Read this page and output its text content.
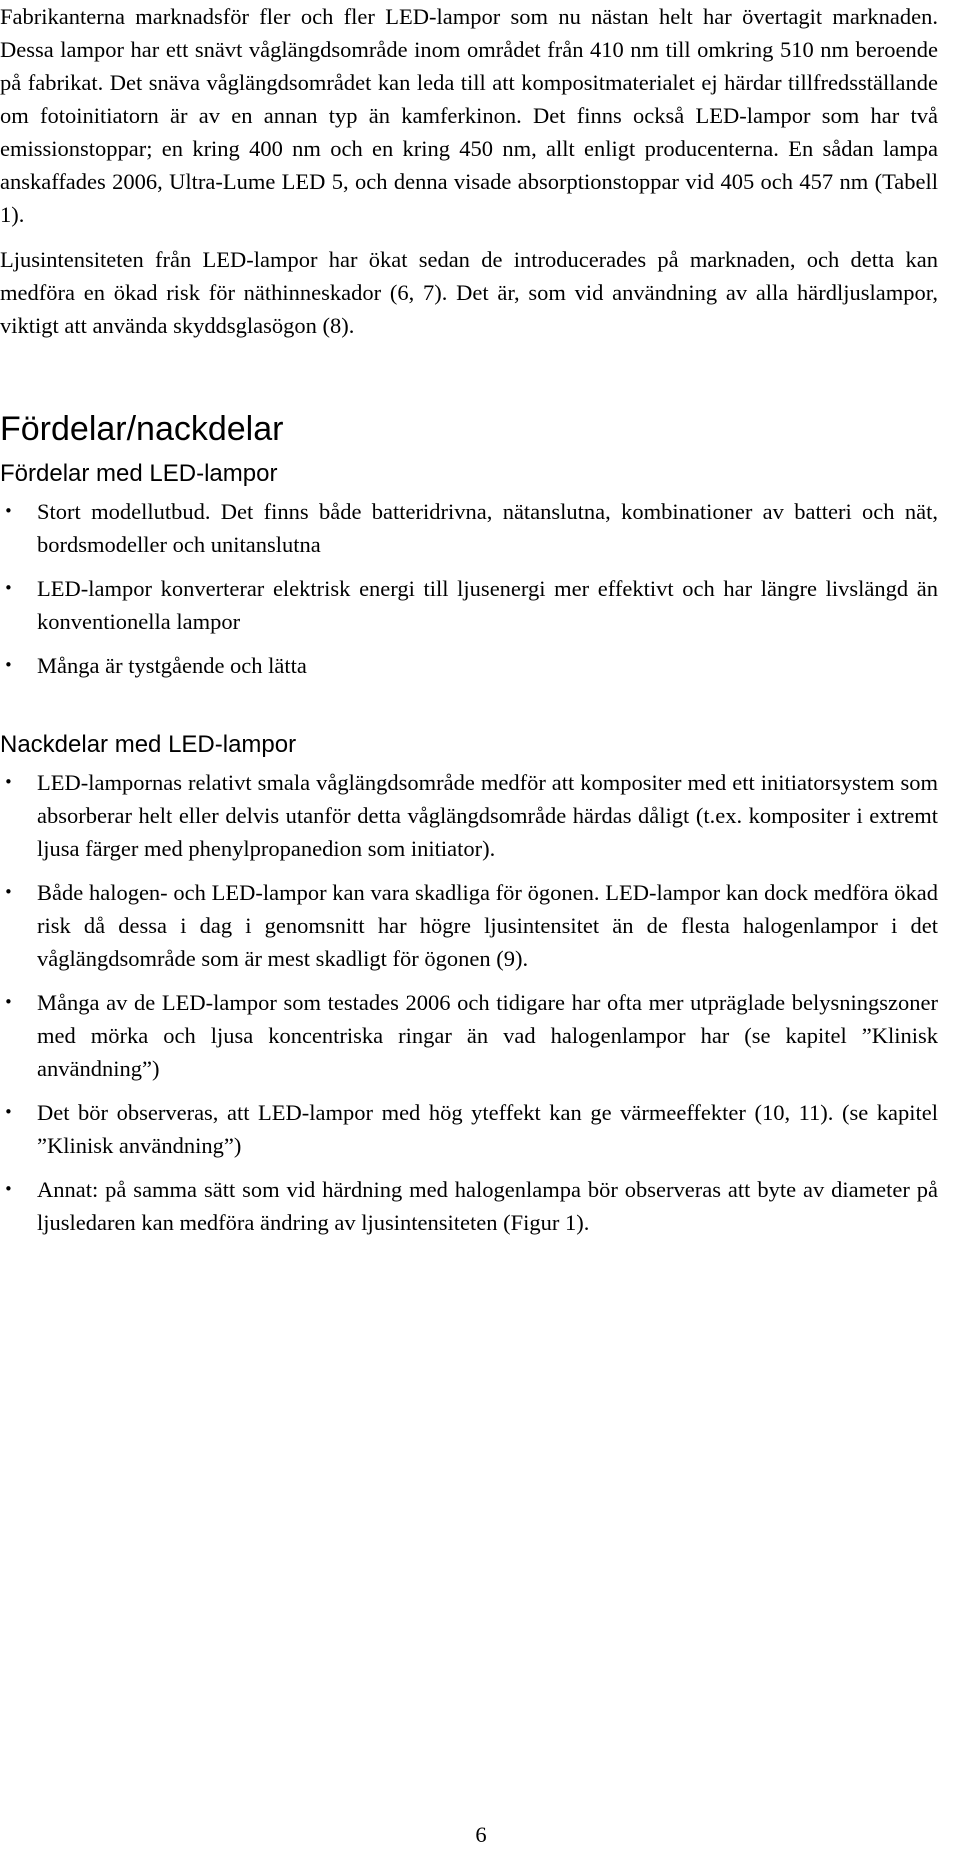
Fabrikanterna marknadsför fler och fler LED-lampor som nu nästan helt har övertagit marknaden. Dessa lampor har ett snävt våglängdsområde inom området från 410 nm till omkring 510 nm beroende på fabrikat. Det snäva våglängdsområdet kan leda till att kompositmaterialet ej härdar tillfredsställande om fotoinitiatorn är av en annan typ än kamferkinon. Det finns också LED-lampor som har två emissionstoppar; en kring 400 nm och en kring 450 nm, allt enligt producenterna. En sådan lampa anskaffades 2006, Ultra-Lume LED 5, och denna visade absorptionstoppar vid 405 och 457 nm (Tabell 1).

Ljusintensiteten från LED-lampor har ökat sedan de introducerades på marknaden, och detta kan medföra en ökad risk för näthinneskador (6, 7). Det är, som vid användning av alla härdljuslampor, viktigt att använda skyddsglasögon (8).

Fördelar/nackdelar
Fördelar med LED-lampor
• Stort modellutbud. Det finns både batteridrivna, nätanslutna, kombinationer av batteri och nät, bordsmodeller och unitanslutna
• LED-lampor konverterar elektrisk energi till ljusenergi mer effektivt och har längre livslängd än konventionella lampor
• Många är tystgående och lätta
Nackdelar med LED-lampor
• LED-lampornas relativt smala våglängdsområde medför att kompositer med ett initiatorsystem som absorberar helt eller delvis utanför detta våglängdsområde härdas dåligt (t.ex. kompositer i extremt ljusa färger med phenylpropanedion som initiator).
• Både halogen- och LED-lampor kan vara skadliga för ögonen. LED-lampor kan dock medföra ökad risk då dessa i dag i genomsnitt har högre ljusintensitet än de flesta halogenlampor i det våglängdsområde som är mest skadligt för ögonen (9).
• Många av de LED-lampor som testades 2006 och tidigare har ofta mer utpräglade belysningszoner med mörka och ljusa koncentriska ringar än vad halogenlampor har (se kapitel ”Klinisk användning”)
• Det bör observeras, att LED-lampor med hög yteffekt kan ge värmeeffekter (10, 11). (se kapitel ”Klinisk användning”)
• Annat: på samma sätt som vid härdning med halogenlampa bör observeras att byte av diameter på ljusledaren kan medföra ändring av ljusintensiteten (Figur 1).
6
